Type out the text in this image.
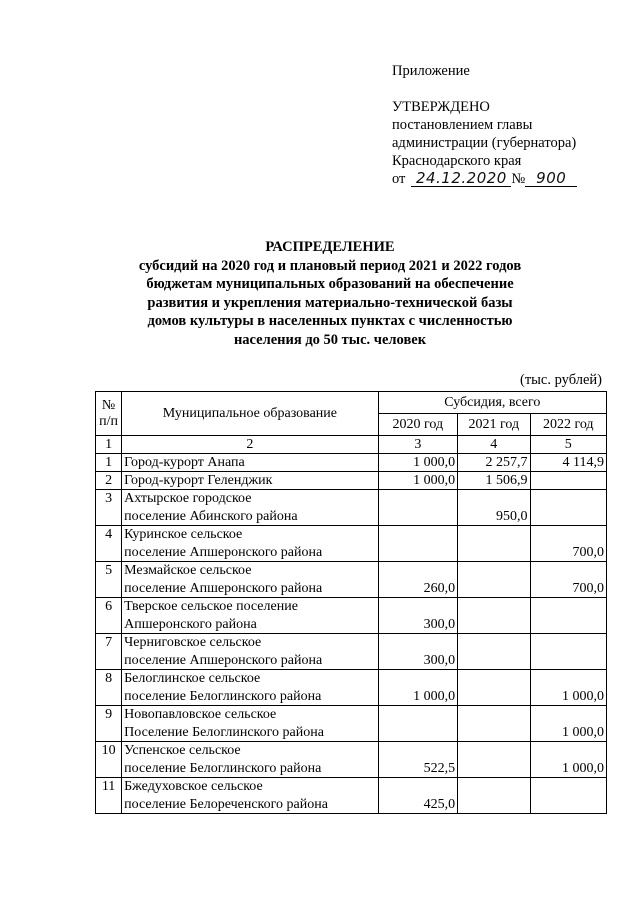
Приложение
УТВЕРЖДЕНО
постановлением главы
администрации (губернатора)
Краснодарского края
от 24.12.2020 № 900
РАСПРЕДЕЛЕНИЕ
субсидий на 2020 год и плановый период 2021 и 2022 годов
бюджетам муниципальных образований на обеспечение
развития и укрепления материально-технической базы
домов культуры в населенных пунктах с численностью
населения до 50 тыс. человек
(тыс. рублей)
№ п/п	Муниципальное образование	Субсидия, всего		
		2020 год	2021 год	2022 год
1	2	3	4	5
1	Город-курорт Анапа	1 000,0	2 257,7	4 114,9
2	Город-курорт Геленджик	1 000,0	1 506,9	
3	Ахтырское городское
поселение Абинского района		950,0	
4	Куринское сельское
поселение Апшеронского района			700,0
5	Мезмайское сельское
поселение Апшеронского района	260,0		700,0
6	Тверское сельское поселение
Апшеронского района	300,0		
7	Черниговское сельское
поселение Апшеронского района	300,0		
8	Белоглинское сельское
поселение Белоглинского района	1 000,0		1 000,0
9	Новопавловское сельское
Поселение Белоглинского района			1 000,0
10	Успенское сельское
поселение Белоглинского района	522,5		1 000,0
11	Бжедуховское сельское
поселение Белореченского района	425,0		
